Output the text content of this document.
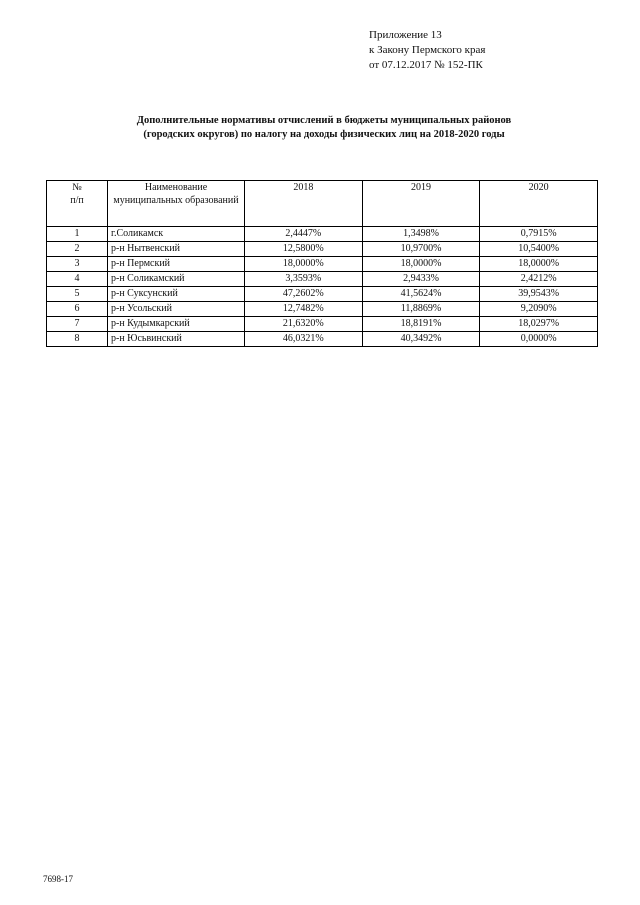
Приложение 13
к Закону Пермского края
от 07.12.2017 № 152-ПК
Дополнительные нормативы отчислений в бюджеты муниципальных районов
(городских округов) по налогу на доходы физических лиц на 2018-2020 годы
№
п/п	Наименование муниципальных образований	2018	2019	2020
1	г.Соликамск	2,4447%	1,3498%	0,7915%
2	р-н Нытвенский	12,5800%	10,9700%	10,5400%
3	р-н Пермский	18,0000%	18,0000%	18,0000%
4	р-н Соликамский	3,3593%	2,9433%	2,4212%
5	р-н Суксунский	47,2602%	41,5624%	39,9543%
6	р-н Усольский	12,7482%	11,8869%	9,2090%
7	р-н Кудымкарский	21,6320%	18,8191%	18,0297%
8	р-н Юсьвинский	46,0321%	40,3492%	0,0000%
7698-17
